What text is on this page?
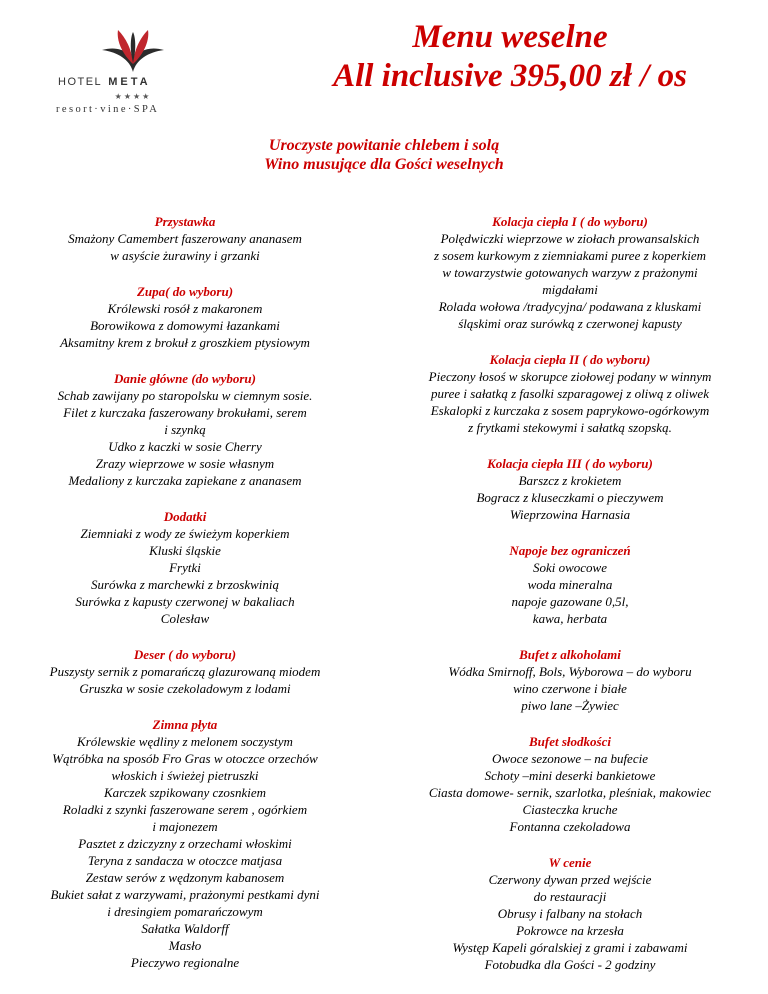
HOTEL META
★★★★
resort·vine·SPA
Menu weselne
All inclusive 395,00 zł / os
Uroczyste powitanie chlebem i solą
Wino musujące dla Gości weselnych
Przystawka
Smażony Camembert faszerowany ananasem
w asyście żurawiny i grzanki
Zupa( do wyboru)
Królewski rosół z makaronem
Borowikowa z domowymi łazankami
Aksamitny krem z brokuł z groszkiem ptysiowym
Danie główne (do wyboru)
Schab zawijany po staropolsku w ciemnym sosie.
Filet z kurczaka faszerowany brokułami, serem
i szynką
Udko z kaczki w sosie Cherry
Zrazy wieprzowe w sosie własnym
Medaliony z kurczaka zapiekane z ananasem
Dodatki
Ziemniaki z wody ze świeżym koperkiem
Kluski śląskie
Frytki
Surówka z marchewki z brzoskwinią
Surówka z kapusty czerwonej w bakaliach
Colesław
Deser ( do wyboru)
Puszysty sernik z pomarańczą glazurowaną miodem
Gruszka w sosie czekoladowym z lodami
Zimna płyta
Królewskie wędliny z melonem soczystym
Wątróbka na sposób Fro Gras w otoczce orzechów
włoskich i świeżej pietruszki
Karczek szpikowany czosnkiem
Roladki z szynki faszerowane serem , ogórkiem
i majonezem
Pasztet z dziczyzny z orzechami włoskimi
Teryna z sandacza w otoczce matjasa
Zestaw serów z wędzonym kabanosem
Bukiet sałat z warzywami, prażonymi pestkami dyni
i dresingiem pomarańczowym
Sałatka Waldorff
Masło
Pieczywo regionalne
Kolacja ciepła I ( do wyboru)
Polędwiczki wieprzowe w ziołach prowansalskich
z sosem kurkowym z ziemniakami puree z koperkiem
w towarzystwie gotowanych warzyw z prażonymi
migdałami
Rolada wołowa /tradycyjna/ podawana z kluskami
śląskimi oraz surówką z czerwonej kapusty
Kolacja ciepła II ( do wyboru)
Pieczony łosoś w skorupce ziołowej podany w winnym
puree i sałatką z fasolki szparagowej z oliwą z oliwek
Eskalopki z kurczaka z sosem paprykowo-ogórkowym
z frytkami stekowymi i sałatką szopską.
Kolacja ciepła III ( do wyboru)
Barszcz z krokietem
Bogracz z kluseczkami o pieczywem
Wieprzowina Harnasia
Napoje bez ograniczeń
Soki owocowe
woda mineralna
napoje gazowane 0,5l,
kawa, herbata
Bufet z alkoholami
Wódka Smirnoff, Bols, Wyborowa – do wyboru
wino czerwone i białe
piwo lane –Żywiec
Bufet słodkości
Owoce sezonowe – na bufecie
Schoty –mini deserki bankietowe
Ciasta domowe- sernik, szarlotka, pleśniak, makowiec
Ciasteczka kruche
Fontanna czekoladowa
W cenie
Czerwony dywan przed wejście
do restauracji
Obrusy i falbany na stołach
Pokrowce na krzesła
Występ Kapeli góralskiej z grami i zabawami
Fotobudka dla Gości - 2 godziny
